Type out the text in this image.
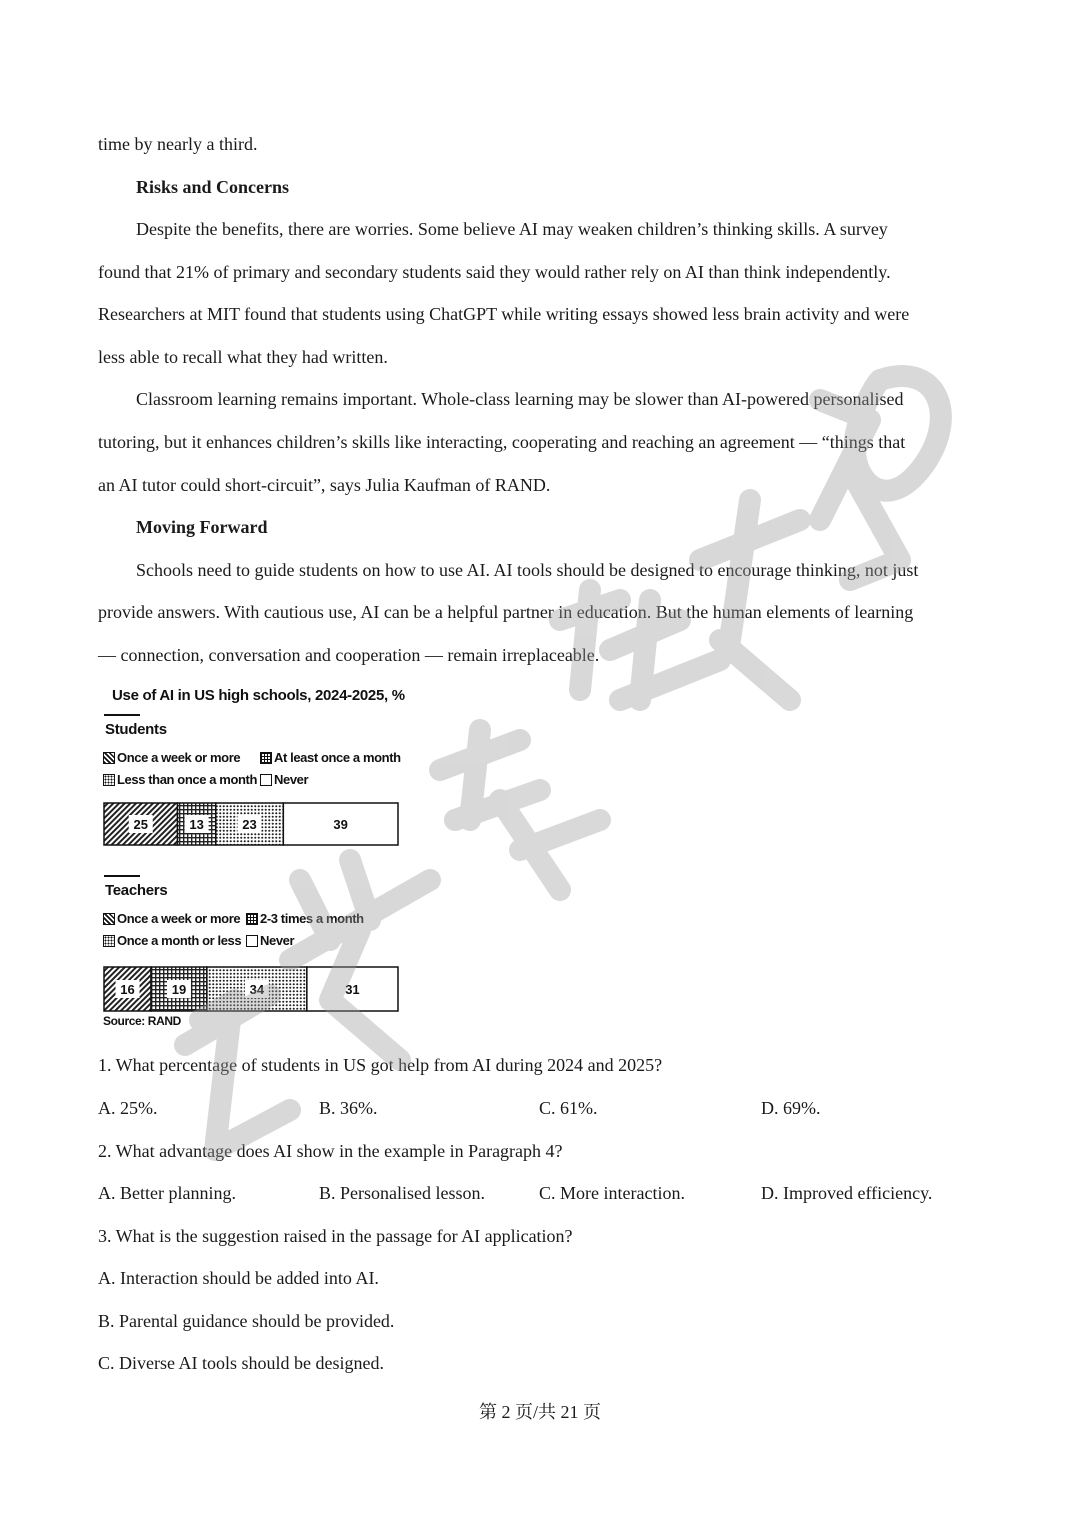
time by nearly a third.
Risks and Concerns
Despite the benefits, there are worries. Some believe AI may weaken children’s thinking skills. A survey
found that 21% of primary and secondary students said they would rather rely on AI than think independently.
Researchers at MIT found that students using ChatGPT while writing essays showed less brain activity and were
less able to recall what they had written.
Classroom learning remains important. Whole-class learning may be slower than AI-powered personalised
tutoring, but it enhances children’s skills like interacting, cooperating and reaching an agreement — “things that
an AI tutor could short-circuit”, says Julia Kaufman of RAND.
Moving Forward
Schools need to guide students on how to use AI. AI tools should be designed to encourage thinking, not just
provide answers. With cautious use, AI can be a helpful partner in education. But the human elements of learning
— connection, conversation and cooperation — remain irreplaceable.
Use of AI in US high schools, 2024-2025, %
Students
Once a week or more	At least once a month
Less than once a month	Never
25	13	23	39
Teachers
Once a week or more	2-3 times a month
Once a month or less	Never
16	19	34	31
Source: RAND
1. What percentage of students in US got help from AI during 2024 and 2025?
A. 25%.	B. 36%.	C. 61%.	D. 69%.
2. What advantage does AI show in the example in Paragraph 4?
A. Better planning.	B. Personalised lesson.	C. More interaction.	D. Improved efficiency.
3. What is the suggestion raised in the passage for AI application?
A. Interaction should be added into AI.
B. Parental guidance should be provided.
C. Diverse AI tools should be designed.
第 2 页/共 21 页
